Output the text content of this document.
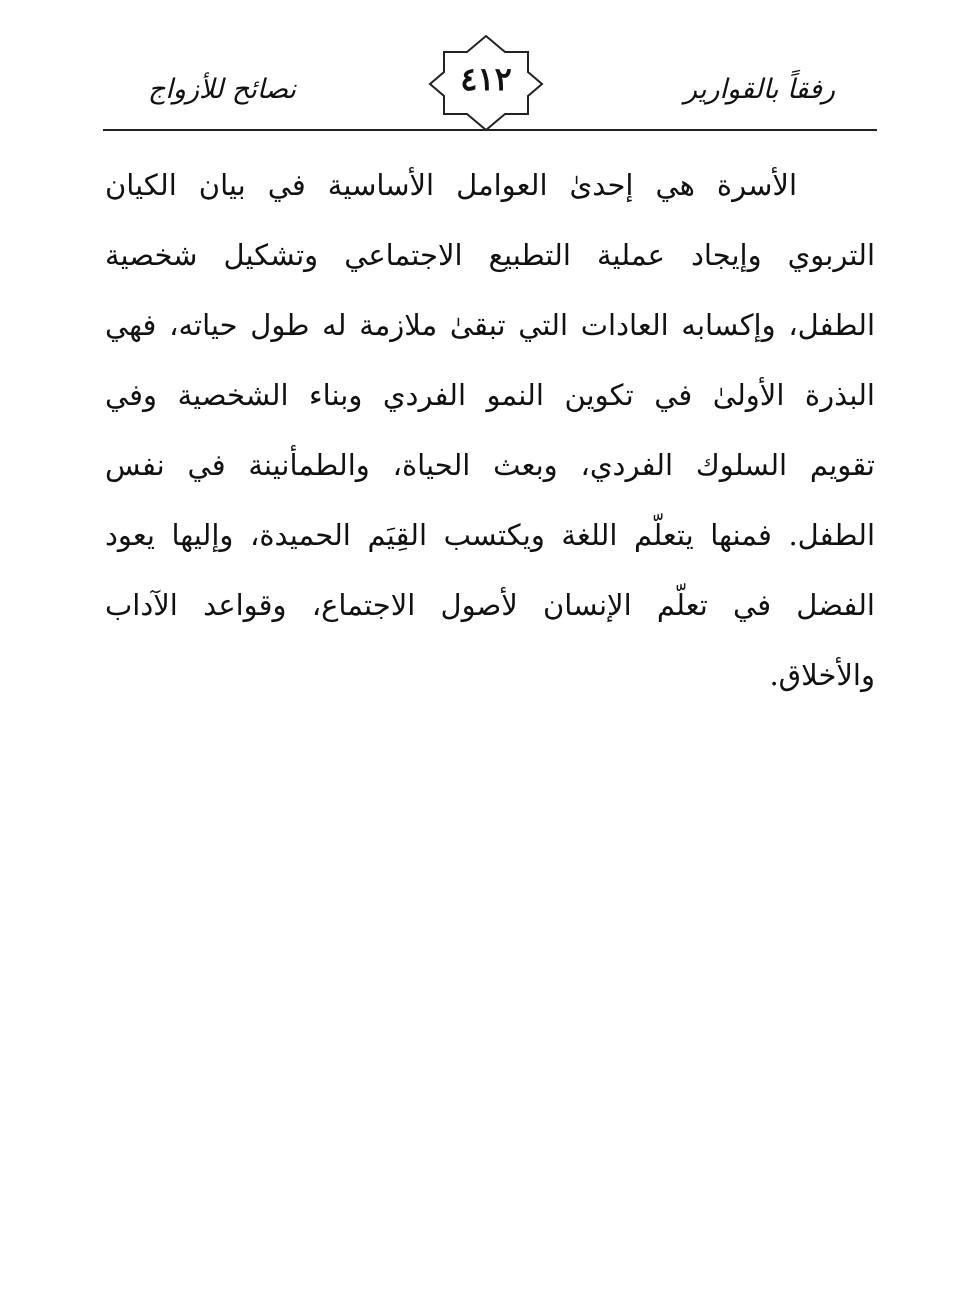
رفقاً بالقوارير
٤١٢
نصائح للأزواج
الأسرة هي إحدىٰ العوامل الأساسية في بيان الكيان التربوي وإيجاد عملية التطبيع الاجتماعي وتشكيل شخصية الطفل، وإكسابه العادات التي تبقىٰ ملازمة له طول حياته، فهي البذرة الأولىٰ في تكوين النمو الفردي وبناء الشخصية وفي تقويم السلوك الفردي، وبعث الحياة، والطمأنينة في نفس الطفل. فمنها يتعلّم اللغة ويكتسب القِيَم الحميدة، وإليها يعود الفضل في تعلّم الإنسان لأصول الاجتماع، وقواعد الآداب والأخلاق.
